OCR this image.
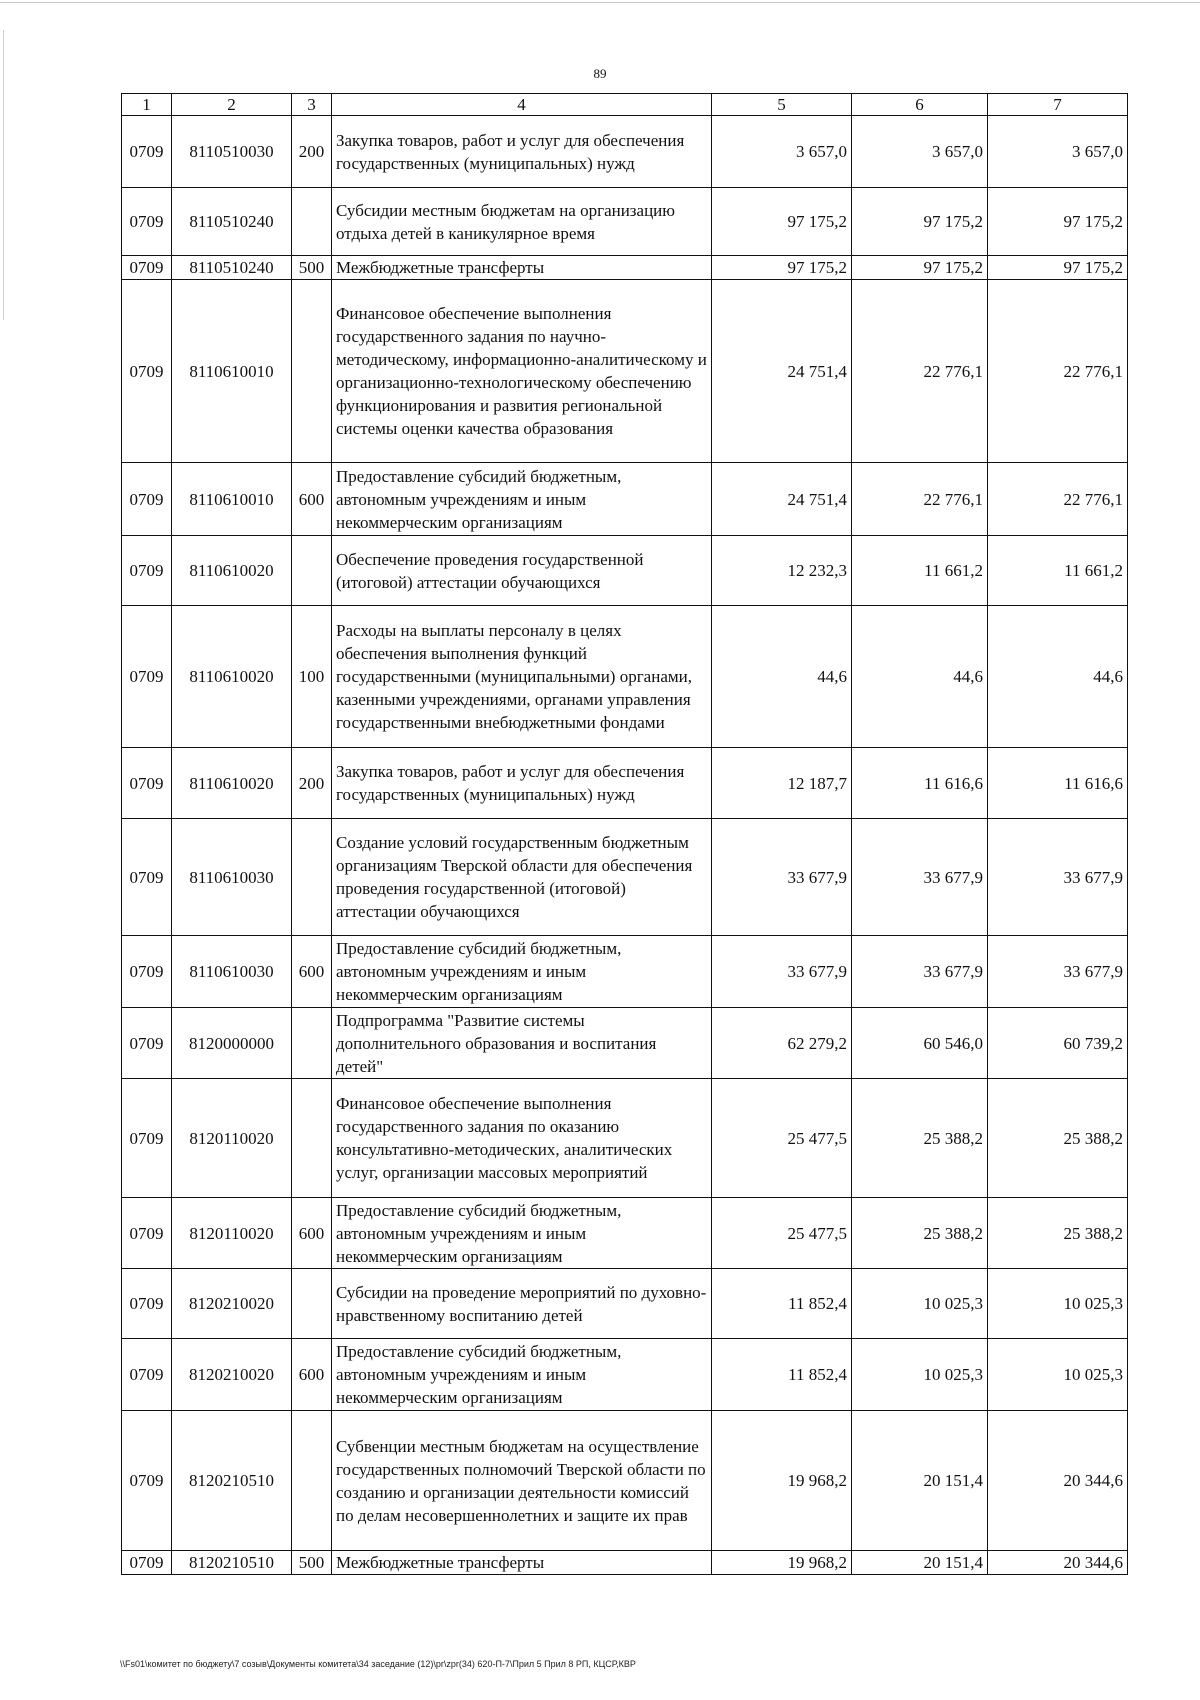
89
1	2	3	4	5	6	7
0709	8110510030	200	Закупка товаров, работ и услуг для обеспечения государственных (муниципальных) нужд	3 657,0	3 657,0	3 657,0
0709	8110510240		Субсидии местным бюджетам на организацию отдыха детей в каникулярное время	97 175,2	97 175,2	97 175,2
0709	8110510240	500	Межбюджетные трансферты	97 175,2	97 175,2	97 175,2
0709	8110610010		Финансовое обеспечение выполнения государственного задания по научно-методическому, информационно-аналитическому и организационно-технологическому обеспечению функционирования и развития региональной системы оценки качества образования	24 751,4	22 776,1	22 776,1
0709	8110610010	600	Предоставление субсидий бюджетным, автономным учреждениям и иным некоммерческим организациям	24 751,4	22 776,1	22 776,1
0709	8110610020		Обеспечение проведения государственной (итоговой) аттестации обучающихся	12 232,3	11 661,2	11 661,2
0709	8110610020	100	Расходы на выплаты персоналу в целях обеспечения выполнения функций государственными (муниципальными) органами, казенными учреждениями, органами управления государственными внебюджетными фондами	44,6	44,6	44,6
0709	8110610020	200	Закупка товаров, работ и услуг для обеспечения государственных (муниципальных) нужд	12 187,7	11 616,6	11 616,6
0709	8110610030		Создание условий государственным бюджетным организациям Тверской области для обеспечения проведения государственной (итоговой) аттестации обучающихся	33 677,9	33 677,9	33 677,9
0709	8110610030	600	Предоставление субсидий бюджетным, автономным учреждениям и иным некоммерческим организациям	33 677,9	33 677,9	33 677,9
0709	8120000000		Подпрограмма "Развитие системы дополнительного образования и воспитания детей"	62 279,2	60 546,0	60 739,2
0709	8120110020		Финансовое обеспечение выполнения государственного задания по оказанию консультативно-методических, аналитических услуг, организации массовых мероприятий	25 477,5	25 388,2	25 388,2
0709	8120110020	600	Предоставление субсидий бюджетным, автономным учреждениям и иным некоммерческим организациям	25 477,5	25 388,2	25 388,2
0709	8120210020		Субсидии на проведение мероприятий по духовно-нравственному воспитанию детей	11 852,4	10 025,3	10 025,3
0709	8120210020	600	Предоставление субсидий бюджетным, автономным учреждениям и иным некоммерческим организациям	11 852,4	10 025,3	10 025,3
0709	8120210510		Субвенции местным бюджетам на осуществление государственных полномочий Тверской области по созданию и организации деятельности комиссий по делам несовершеннолетних и защите их прав	19 968,2	20 151,4	20 344,6
0709	8120210510	500	Межбюджетные трансферты	19 968,2	20 151,4	20 344,6
\\Fs01\комитет по бюджету\7 созыв\Документы комитета\34 заседание (12)\pr\zpr(34) 620-П-7\Прил 5 Прил 8 РП, КЦСР,КВР
